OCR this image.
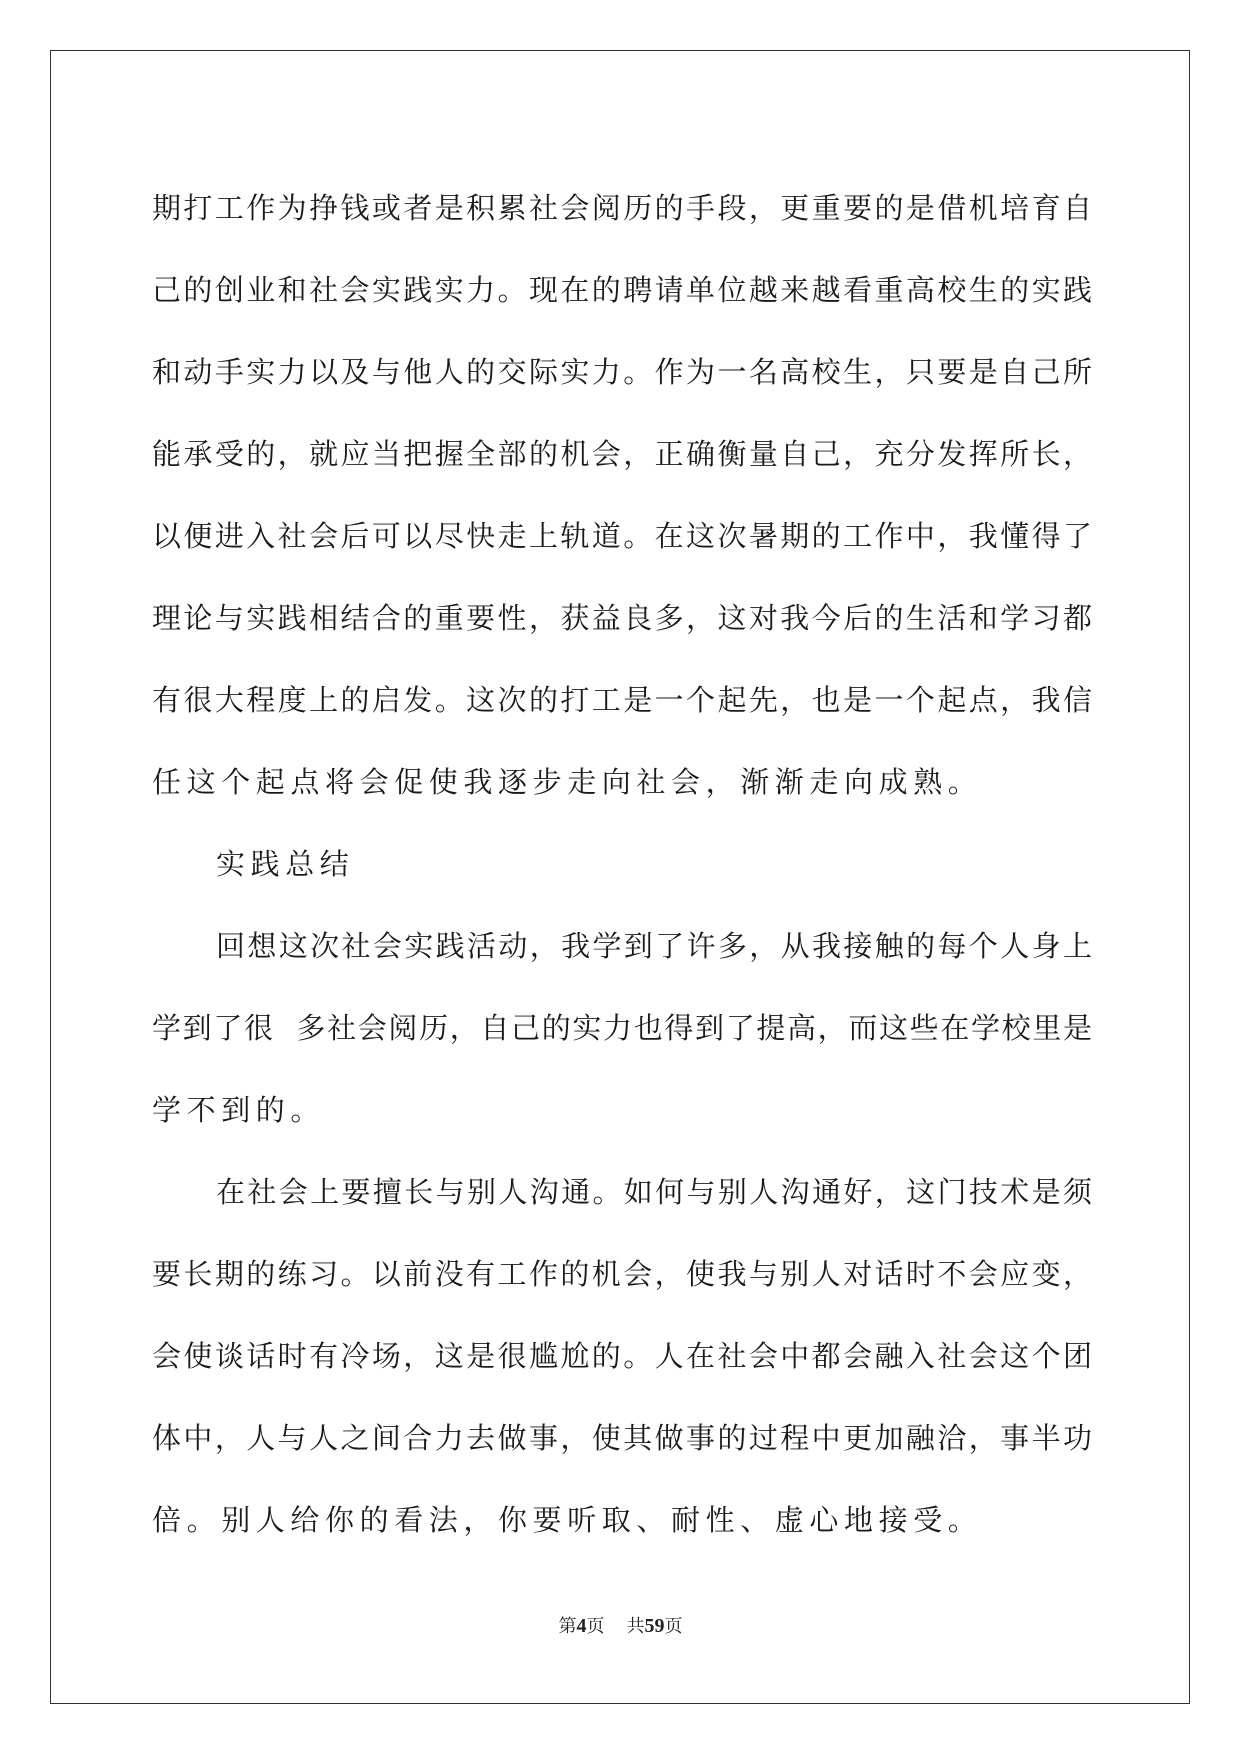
期打工作为挣钱或者是积累社会阅历的手段，更重要的是借机培育自
己的创业和社会实践实力。现在的聘请单位越来越看重高校生的实践
和动手实力以及与他人的交际实力。作为一名高校生，只要是自己所
能承受的，就应当把握全部的机会，正确衡量自己，充分发挥所长，
以便进入社会后可以尽快走上轨道。在这次暑期的工作中，我懂得了
理论与实践相结合的重要性，获益良多，这对我今后的生活和学习都
有很大程度上的启发。这次的打工是一个起先，也是一个起点，我信
任这个起点将会促使我逐步走向社会，渐渐走向成熟。
实践总结
回想这次社会实践活动，我学到了许多，从我接触的每个人身上
学到了很  多社会阅历，自己的实力也得到了提高，而这些在学校里是
学不到的。
在社会上要擅长与别人沟通。如何与别人沟通好，这门技术是须
要长期的练习。以前没有工作的机会，使我与别人对话时不会应变，
会使谈话时有冷场，这是很尴尬的。人在社会中都会融入社会这个团
体中，人与人之间合力去做事，使其做事的过程中更加融洽，事半功
倍。别人给你的看法，你要听取、耐性、虚心地接受。
第4页 共59页
